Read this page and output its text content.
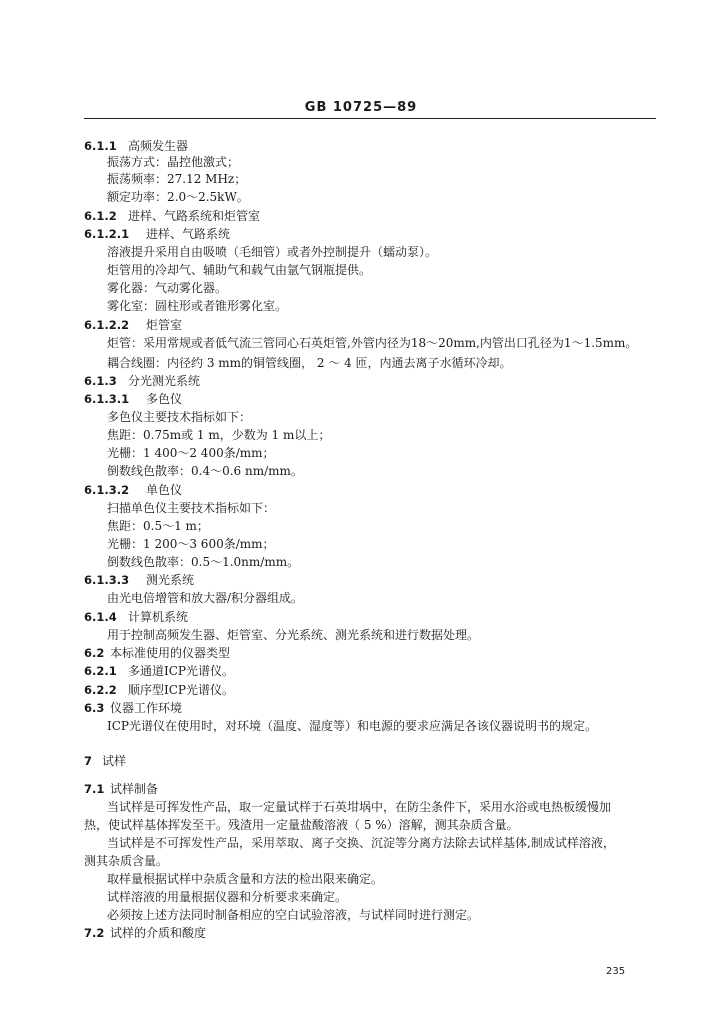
GB 10725—89
6.1.1 高频发生器
振荡方式：晶控他激式；
振荡频率：27.12 MHz；
额定功率：2.0～2.5kW。
6.1.2 进样、气路系统和炬管室
6.1.2.1 进样、气路系统
溶液提升采用自由吸喷（毛细管）或者外控制提升（蠕动泵）。
炬管用的冷却气、辅助气和载气由氩气钢瓶提供。
雾化器：气动雾化器。
雾化室：圆柱形或者锥形雾化室。
6.1.2.2 炬管室
炬管：采用常规或者低气流三管同心石英炬管,外管内径为18～20mm,内管出口孔径为1～1.5mm。
耦合线圈：内径约 3 mm的铜管线圈， 2 ～ 4 匝，内通去离子水循环冷却。
6.1.3 分光测光系统
6.1.3.1 多色仪
多色仪主要技术指标如下：
焦距：0.75m或 1 m，少数为 1 m以上；
光栅：1 400～2 400条/mm；
倒数线色散率：0.4～0.6 nm/mm。
6.1.3.2 单色仪
扫描单色仪主要技术指标如下：
焦距：0.5～1 m；
光栅：1 200～3 600条/mm；
倒数线色散率：0.5～1.0nm/mm。
6.1.3.3 测光系统
由光电倍增管和放大器/积分器组成。
6.1.4 计算机系统
用于控制高频发生器、炬管室、分光系统、测光系统和进行数据处理。
6.2 本标准使用的仪器类型
6.2.1 多通道ICP光谱仪。
6.2.2 顺序型ICP光谱仪。
6.3 仪器工作环境
ICP光谱仪在使用时，对环境（温度、湿度等）和电源的要求应满足各该仪器说明书的规定。
7 试样
7.1 试样制备
当试样是可挥发性产品，取一定量试样于石英坩埚中，在防尘条件下，采用水浴或电热板缓慢加
热，使试样基体挥发至干。残渣用一定量盐酸溶液（ 5 %）溶解，测其杂质含量。
当试样是不可挥发性产品，采用萃取、离子交换、沉淀等分离方法除去试样基体,制成试样溶液，
测其杂质含量。
取样量根据试样中杂质含量和方法的检出限来确定。
试样溶液的用量根据仪器和分析要求来确定。
必须按上述方法同时制备相应的空白试验溶液，与试样同时进行测定。
7.2 试样的介质和酸度
235
